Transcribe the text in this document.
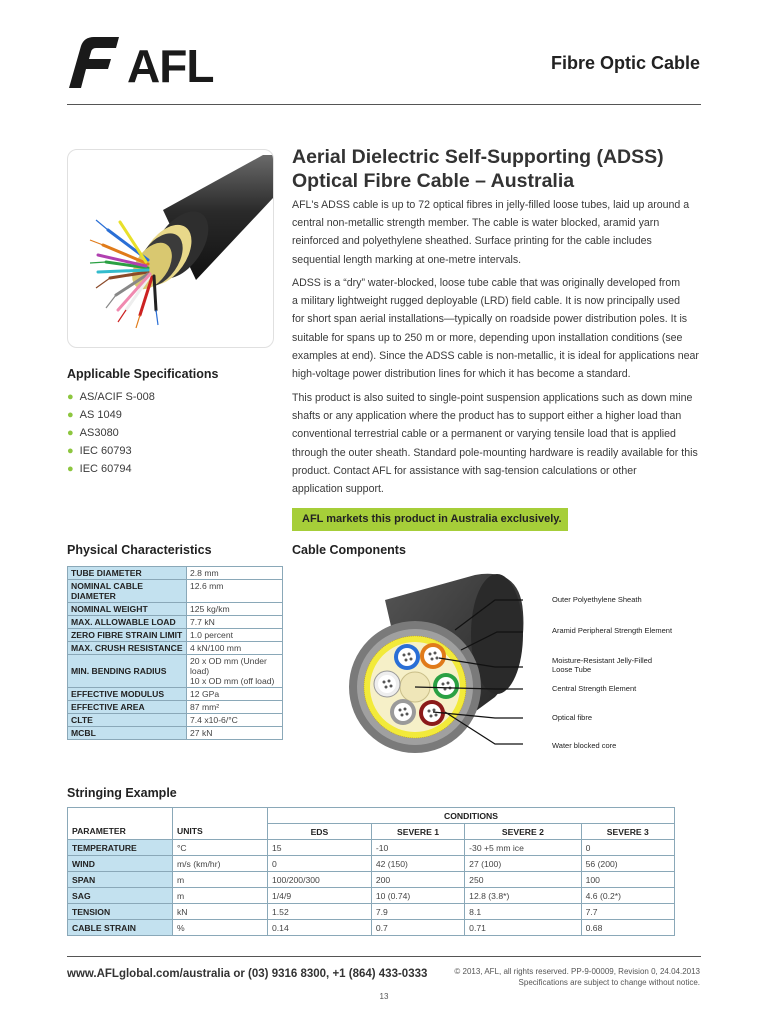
AFL	Fibre Optic Cable
Aerial Dielectric Self-Supporting (ADSS)
Optical Fibre Cable – Australia
AFL's ADSS cable is up to 72 optical fibres in jelly-filled loose tubes, laid up around a
central non-metallic strength member. The cable is water blocked, aramid yarn
reinforced and polyethylene sheathed. Surface printing for the cable includes
sequential length marking at one-metre intervals.
ADSS is a “dry” water-blocked, loose tube cable that was originally developed from
a military lightweight rugged deployable (LRD) field cable. It is now principally used
for short span aerial installations—typically on roadside power distribution poles. It is
suitable for spans up to 250 m or more, depending upon installation conditions (see
examples at end). Since the ADSS cable is non-metallic, it is ideal for applications near
high-voltage power distribution lines for which it has become a standard.
This product is also suited to single-point suspension applications such as down mine
shafts or any application where the product has to support either a higher load than
conventional terrestrial cable or a permanent or varying tensile load that is applied
through the outer sheath. Standard pole-mounting hardware is readily available for this
product. Contact AFL for assistance with sag-tension calculations or other
application support.
AFL markets this product in Australia exclusively.
Applicable Specifications
● AS/ACIF S-008
● AS 1049
● AS3080
● IEC 60793
● IEC 60794
Physical Characteristics
TUBE DIAMETER	2.8 mm
NOMINAL CABLE DIAMETER	12.6 mm
NOMINAL WEIGHT	125 kg/km
MAX. ALLOWABLE LOAD	7.7 kN
ZERO FIBRE STRAIN LIMIT	1.0 percent
MAX. CRUSH RESISTANCE	4 kN/100 mm
MIN. BENDING RADIUS	20 x OD mm (Under load)
10 x OD mm (off load)

EFFECTIVE MODULUS	12 GPa
EFFECTIVE AREA	87 mm²
CLTE	7.4 x10-6/°C
MCBL	27 kN
Cable Components
Outer Polyethylene Sheath
Aramid Peripheral Strength Element
Moisture-Resistant Jelly-Filled
Loose Tube
Central Strength Element
Optical fibre
Water blocked core
Stringing Example
		CONDITIONS			
PARAMETER	UNITS	EDS	SEVERE 1	SEVERE 2	SEVERE 3
TEMPERATURE	°C	15	-10	-30 +5 mm ice	0
WIND	m/s (km/hr)	0	42 (150)	27 (100)	56 (200)
SPAN	m	100/200/300	200	250	100
SAG	m	1/4/9	10 (0.74)	12.8 (3.8*)	4.6 (0.2*)
TENSION	kN	1.52	7.9	8.1	7.7
CABLE STRAIN	%	0.14	0.7	0.71	0.68
www.AFLglobal.com/australia or (03) 9316 8300, +1 (864) 433-0333	© 2013, AFL, all rights reserved. PP-9-00009, Revision 0, 24.04.2013
Specifications are subject to change without notice.
13
